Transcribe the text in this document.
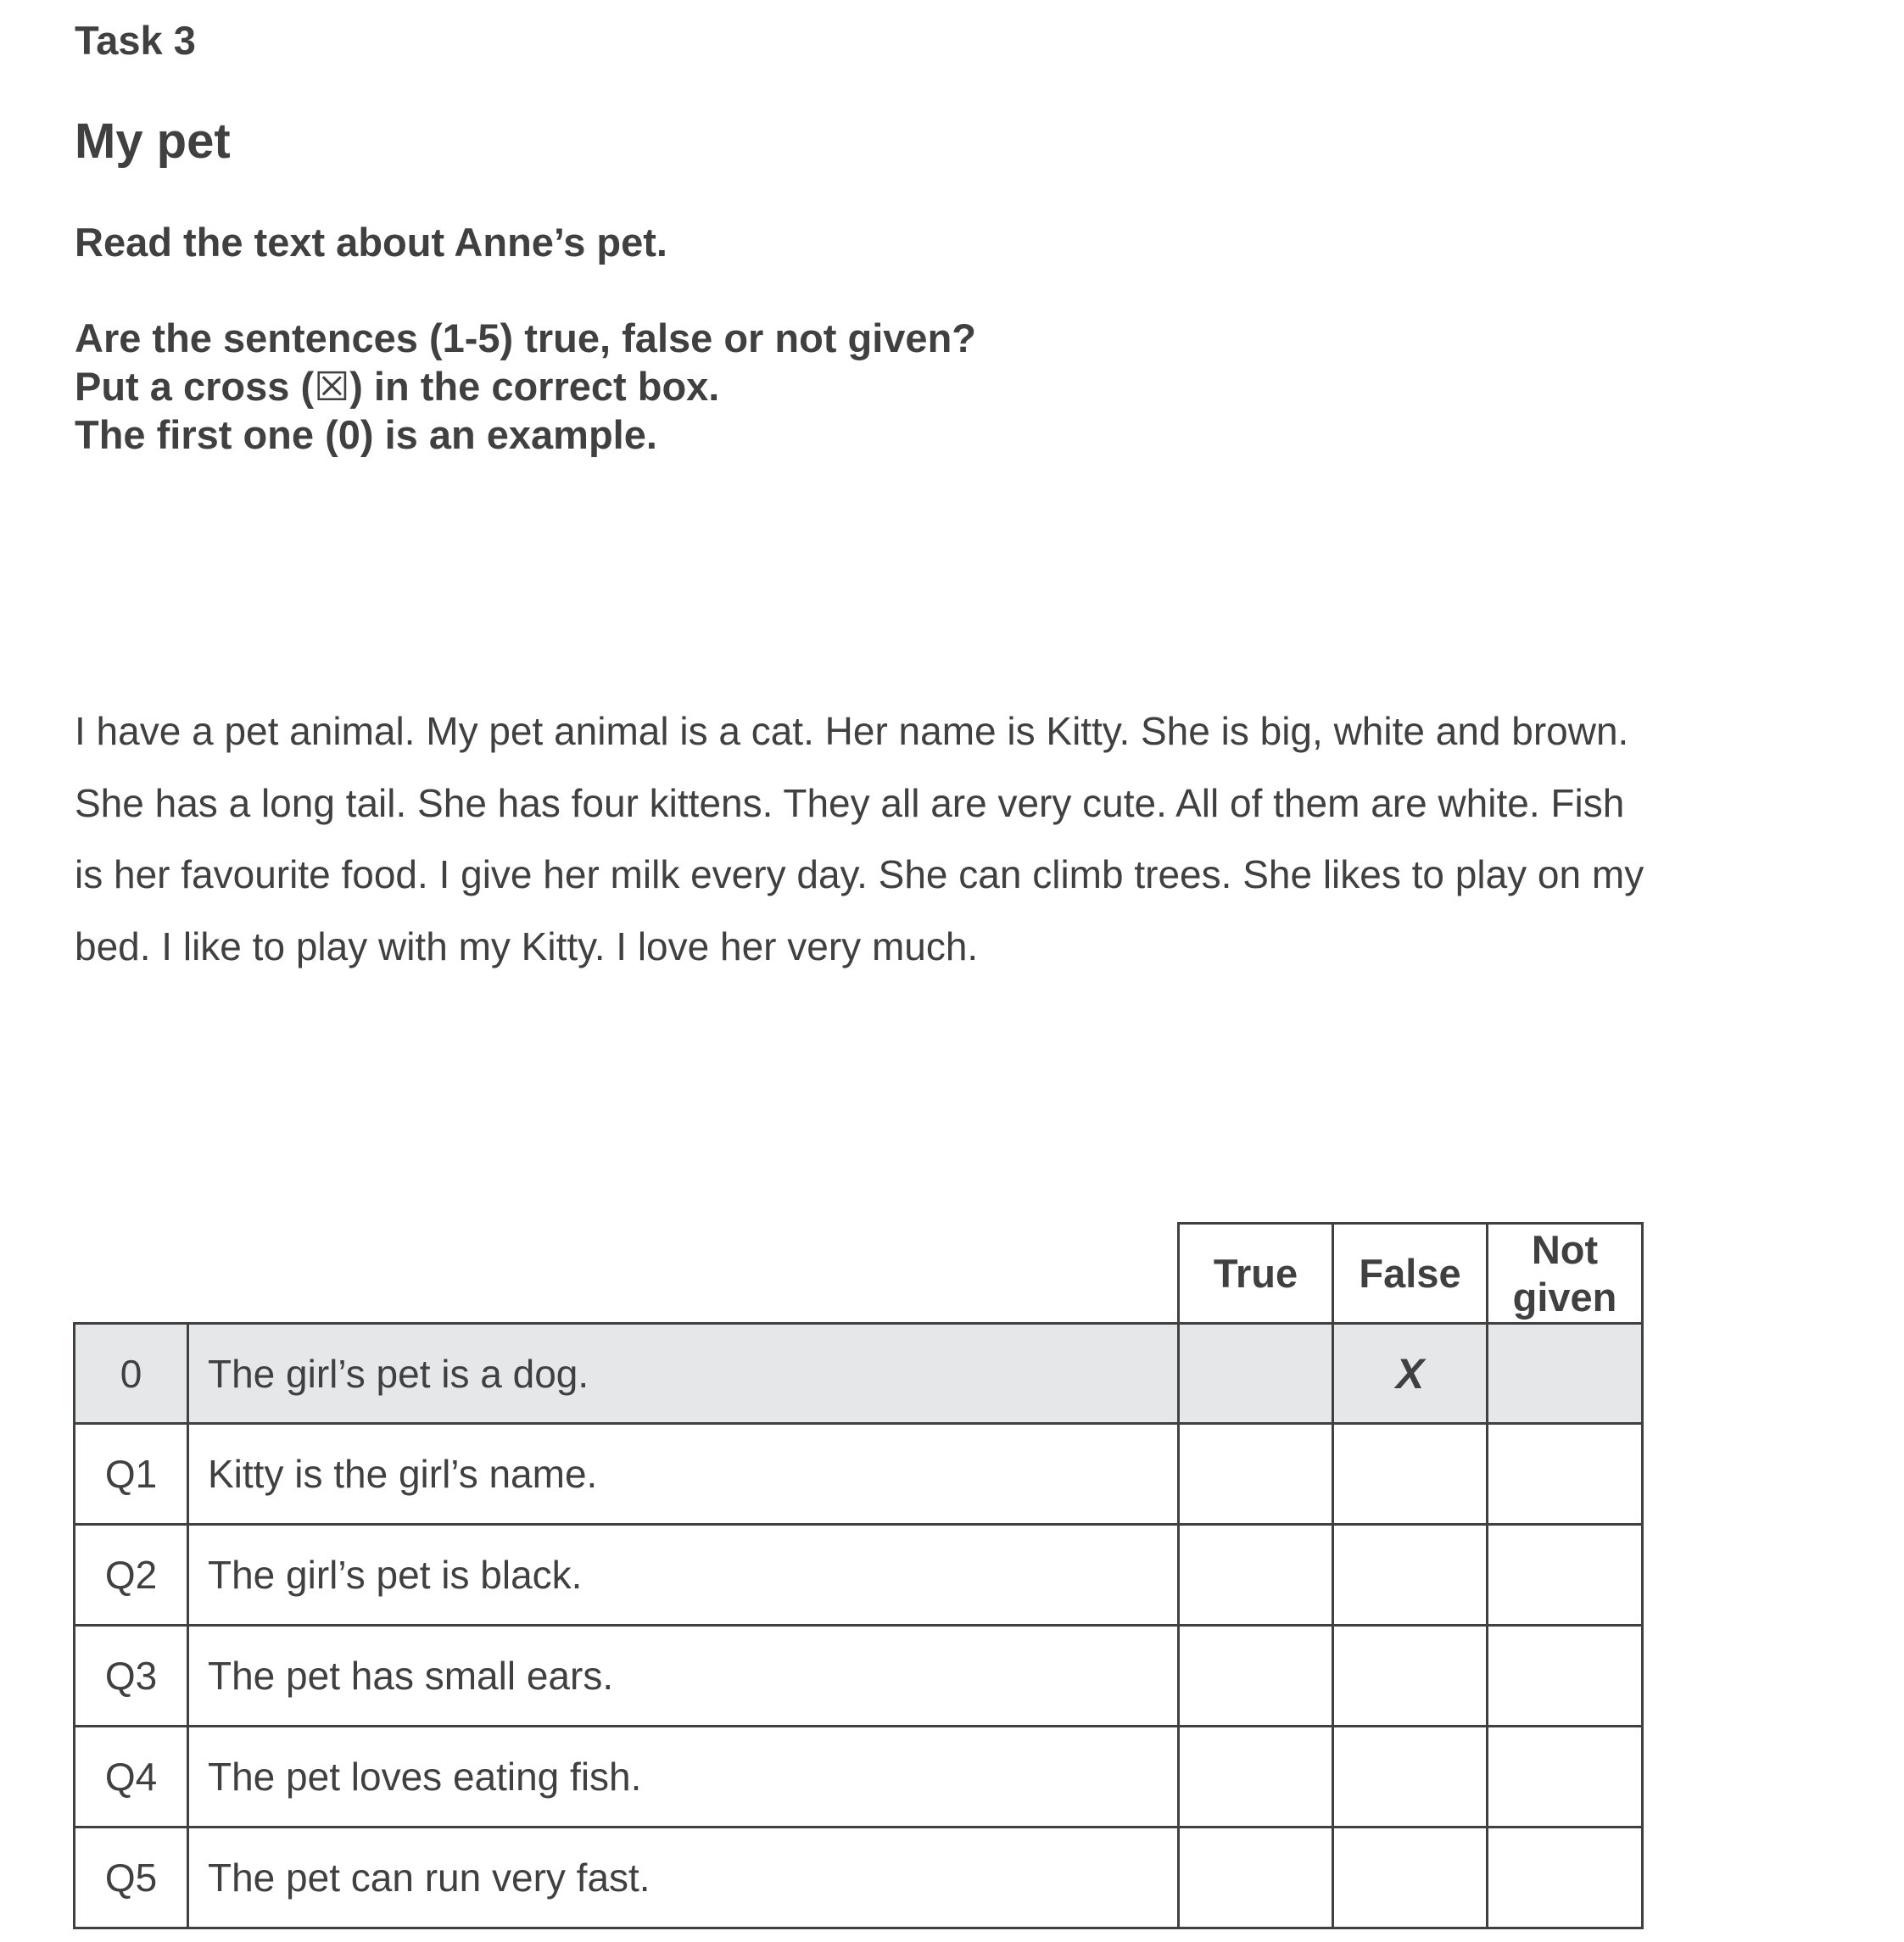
Task 3
My pet
Read the text about Anne’s pet.
Are the sentences (1-5) true, false or not given?
Put a cross (☒) in the correct box.
The first one (0) is an example.
I have a pet animal. My pet animal is a cat. Her name is Kitty. She is big, white and brown.
She has a long tail. She has four kittens. They all are very cute. All of them are white. Fish
is her favourite food. I give her milk every day. She can climb trees. She likes to play on my
bed. I like to play with my Kitty. I love her very much.
True False
Not
given
0 The girl’s pet is a dog.	X
Q1 Kitty is the girl’s name.
Q2 The girl’s pet is black.
Q3 The pet has small ears.
Q4 The pet loves eating fish.
Q5 The pet can run very fast.
